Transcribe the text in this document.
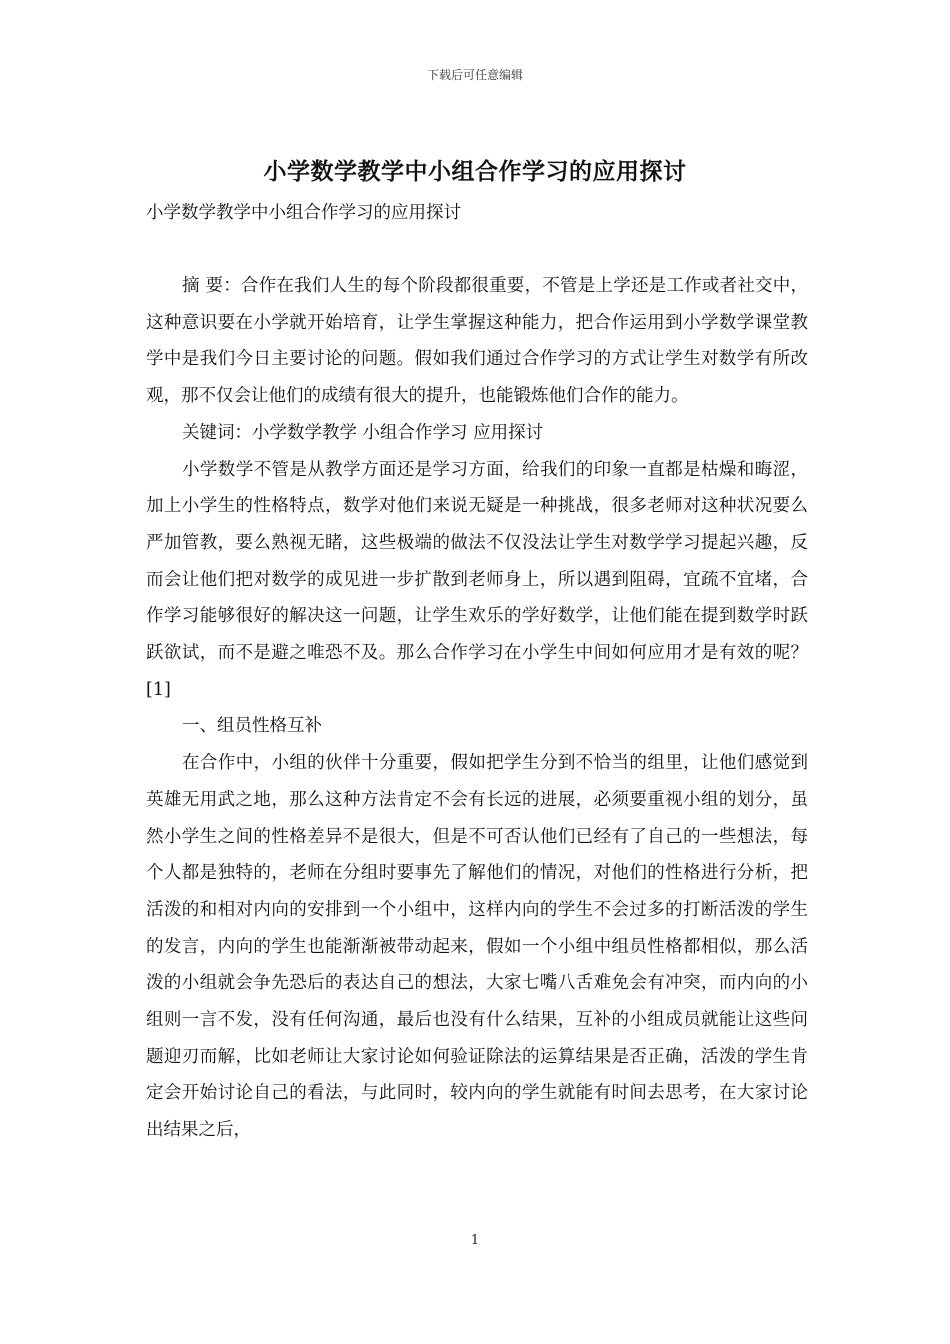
下载后可任意编辑
小学数学教学中小组合作学习的应用探讨
小学数学教学中小组合作学习的应用探讨

摘 要：合作在我们人生的每个阶段都很重要，不管是上学还是工作或者社交中，这种意识要在小学就开始培育，让学生掌握这种能力，把合作运用到小学数学课堂教学中是我们今日主要讨论的问题。假如我们通过合作学习的方式让学生对数学有所改观，那不仅会让他们的成绩有很大的提升，也能锻炼他们合作的能力。

关键词：小学数学教学 小组合作学习 应用探讨

小学数学不管是从教学方面还是学习方面，给我们的印象一直都是枯燥和晦涩，加上小学生的性格特点，数学对他们来说无疑是一种挑战，很多老师对这种状况要么严加管教，要么熟视无睹，这些极端的做法不仅没法让学生对数学学习提起兴趣，反而会让他们把对数学的成见进一步扩散到老师身上，所以遇到阻碍，宜疏不宜堵，合作学习能够很好的解决这一问题，让学生欢乐的学好数学，让他们能在提到数学时跃跃欲试，而不是避之唯恐不及。那么合作学习在小学生中间如何应用才是有效的呢？[1]

一、组员性格互补

在合作中，小组的伙伴十分重要，假如把学生分到不恰当的组里，让他们感觉到英雄无用武之地，那么这种方法肯定不会有长远的进展，必须要重视小组的划分，虽然小学生之间的性格差异不是很大，但是不可否认他们已经有了自己的一些想法，每个人都是独特的，老师在分组时要事先了解他们的情况，对他们的性格进行分析，把活泼的和相对内向的安排到一个小组中，这样内向的学生不会过多的打断活泼的学生的发言，内向的学生也能渐渐被带动起来，假如一个小组中组员性格都相似，那么活泼的小组就会争先恐后的表达自己的想法，大家七嘴八舌难免会有冲突，而内向的小组则一言不发，没有任何沟通，最后也没有什么结果，互补的小组成员就能让这些问题迎刃而解，比如老师让大家讨论如何验证除法的运算结果是否正确，活泼的学生肯定会开始讨论自己的看法，与此同时，较内向的学生就能有时间去思考，在大家讨论出结果之后，

1
